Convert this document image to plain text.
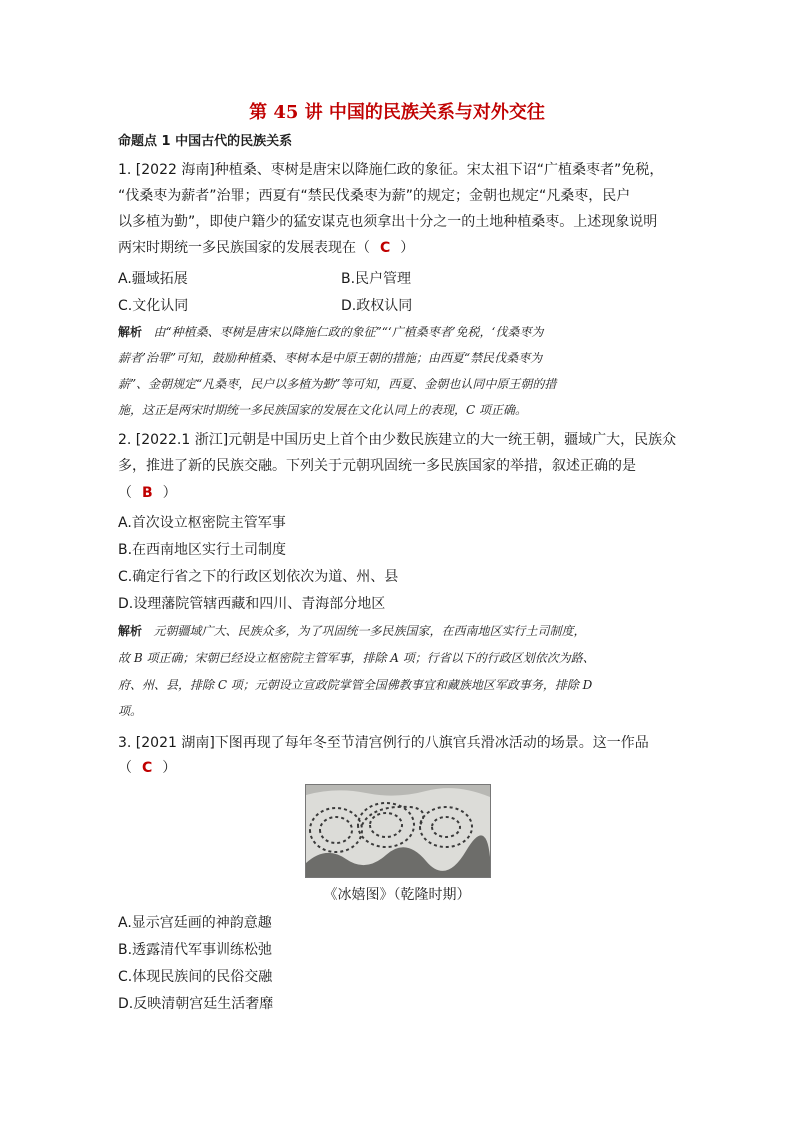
第 45 讲 中国的民族关系与对外交往
命题点 1 中国古代的民族关系
1. [2022 海南]种植桑、枣树是唐宋以降施仁政的象征。宋太祖下诏“广植桑枣者”免税，
“伐桑枣为薪者”治罪；西夏有“禁民伐桑枣为薪”的规定；金朝也规定“凡桑枣，民户
以多植为勤”，即使户籍少的猛安谋克也须拿出十分之一的土地种植桑枣。上述现象说明
两宋时期统一多民族国家的发展表现在（ C ）
A.疆域拓展	B.民户管理
C.文化认同	D.政权认同
解析 由“种植桑、枣树是唐宋以降施仁政的象征”“‘广植桑枣者’免税，‘伐桑枣为
薪者’治罪”可知，鼓励种植桑、枣树本是中原王朝的措施；由西夏“禁民伐桑枣为
薪”、金朝规定“凡桑枣，民户以多植为勤”等可知，西夏、金朝也认同中原王朝的措
施，这正是两宋时期统一多民族国家的发展在文化认同上的表现，C 项正确。
2. [2022.1 浙江]元朝是中国历史上首个由少数民族建立的大一统王朝，疆域广大，民族众
多，推进了新的民族交融。下列关于元朝巩固统一多民族国家的举措，叙述正确的是
（ B ）
A.首次设立枢密院主管军事
B.在西南地区实行土司制度
C.确定行省之下的行政区划依次为道、州、县
D.设理藩院管辖西藏和四川、青海部分地区
解析 元朝疆域广大、民族众多，为了巩固统一多民族国家，在西南地区实行土司制度，
故 B 项正确；宋朝已经设立枢密院主管军事，排除 A 项；行省以下的行政区划依次为路、
府、州、县，排除 C 项；元朝设立宣政院掌管全国佛教事宜和藏族地区军政事务，排除 D
项。
3. [2021 湖南]下图再现了每年冬至节清宫例行的八旗官兵滑冰活动的场景。这一作品
（ C ）
《冰嬉图》（乾隆时期）
A.显示宫廷画的神韵意趣
B.透露清代军事训练松弛
C.体现民族间的民俗交融
D.反映清朝宫廷生活奢靡
